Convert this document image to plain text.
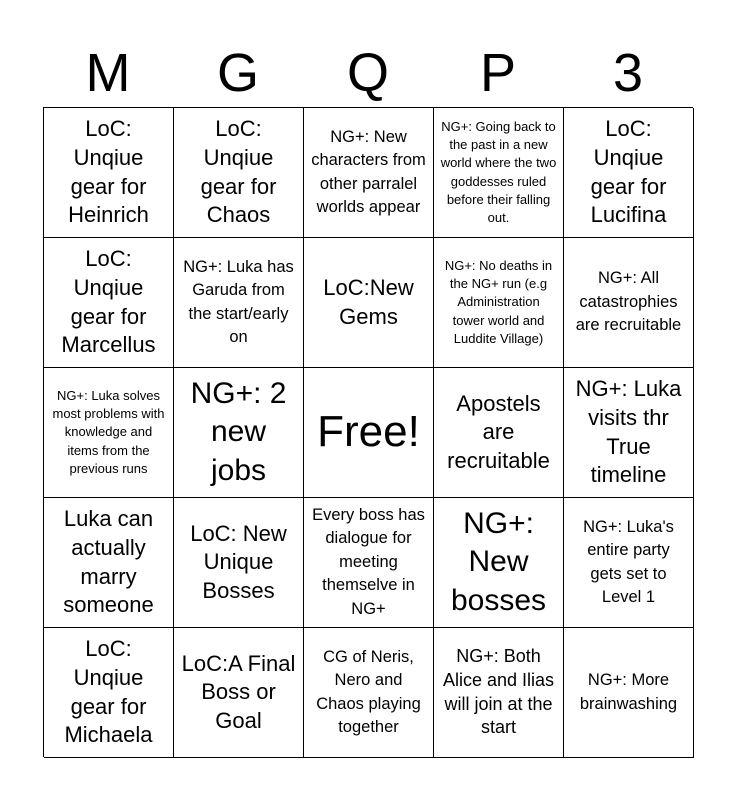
M	G	Q	P	3
LoC: Unqiue gear for Heinrich
LoC: Unqiue gear for Chaos
NG+: New characters from other parralel worlds appear
NG+: Going back to the past in a new world where the two goddesses ruled before their falling out.
LoC: Unqiue gear for Lucifina
LoC: Unqiue gear for Marcellus
NG+: Luka has Garuda from the start/early on
LoC:New Gems
NG+: No deaths in the NG+ run (e.g Administration tower world and Luddite Village)
NG+: All catastrophies are recruitable
NG+: Luka solves most problems with knowledge and items from the previous runs
NG+: 2 new jobs
Free!
Apostels are recruitable
NG+: Luka visits thr True timeline
Luka can actually marry someone
LoC: New Unique Bosses
Every boss has dialogue for meeting themselve in NG+
NG+: New bosses
NG+: Luka's entire party gets set to Level 1
LoC: Unqiue gear for Michaela
LoC:A Final Boss or Goal
CG of Neris, Nero and Chaos playing together
NG+: Both Alice and Ilias will join at the start
NG+: More brainwashing
